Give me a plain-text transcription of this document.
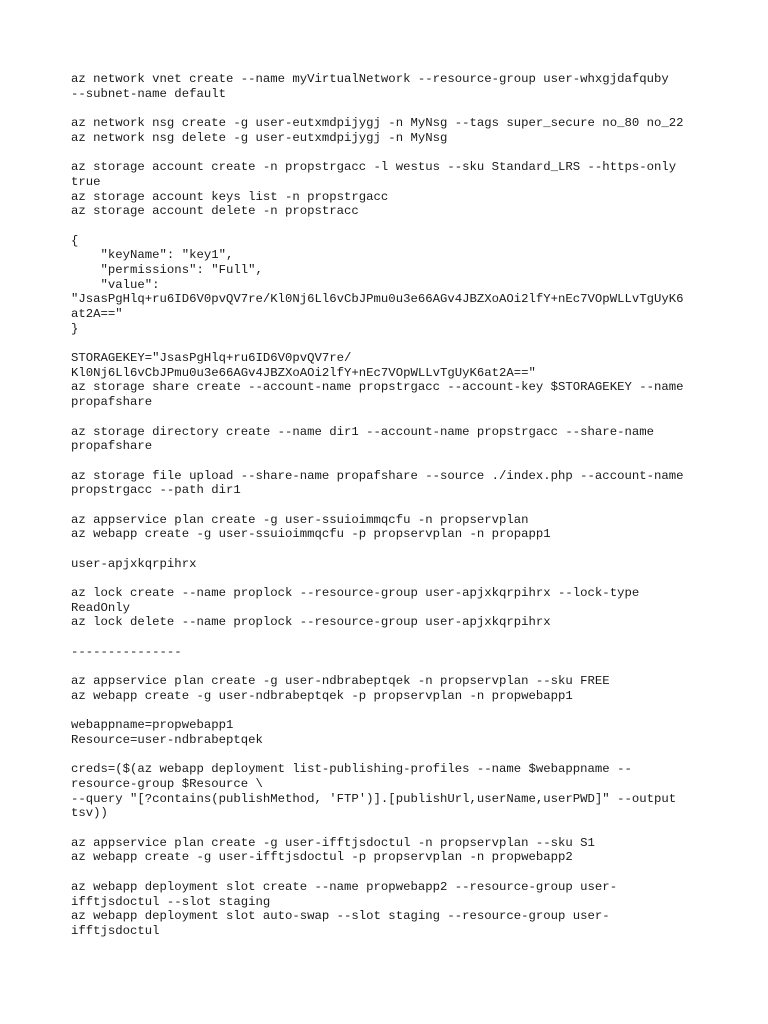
az network vnet create --name myVirtualNetwork --resource-group user-whxgjdafquby
--subnet-name default
az network nsg create -g user-eutxmdpijygj -n MyNsg --tags super_secure no_80 no_22
az network nsg delete -g user-eutxmdpijygj -n MyNsg
az storage account create -n propstrgacc -l westus --sku Standard_LRS --https-only
true
az storage account keys list -n propstrgacc
az storage account delete -n propstracc
{
"keyName": "key1",
"permissions": "Full",
"value":
"JsasPgHlq+ru6ID6V0pvQV7re/Kl0Nj6Ll6vCbJPmu0u3e66AGv4JBZXoAOi2lfY+nEc7VOpWLLvTgUyK6
at2A=="
}
STORAGEKEY="JsasPgHlq+ru6ID6V0pvQV7re/
Kl0Nj6Ll6vCbJPmu0u3e66AGv4JBZXoAOi2lfY+nEc7VOpWLLvTgUyK6at2A=="
az storage share create --account-name propstrgacc --account-key $STORAGEKEY --name
propafshare
az storage directory create --name dir1 --account-name propstrgacc --share-name
propafshare
az storage file upload --share-name propafshare --source ./index.php --account-name
propstrgacc --path dir1
az appservice plan create -g user-ssuioimmqcfu -n propservplan
az webapp create -g user-ssuioimmqcfu -p propservplan -n propapp1
user-apjxkqrpihrx
az lock create --name proplock --resource-group user-apjxkqrpihrx --lock-type
ReadOnly
az lock delete --name proplock --resource-group user-apjxkqrpihrx
---------------
az appservice plan create -g user-ndbrabeptqek -n propservplan --sku FREE
az webapp create -g user-ndbrabeptqek -p propservplan -n propwebapp1
webappname=propwebapp1
Resource=user-ndbrabeptqek
creds=($(az webapp deployment list-publishing-profiles --name $webappname --
resource-group $Resource \
--query "[?contains(publishMethod, 'FTP')].[publishUrl,userName,userPWD]" --output
tsv))
az appservice plan create -g user-ifftjsdoctul -n propservplan --sku S1
az webapp create -g user-ifftjsdoctul -p propservplan -n propwebapp2
az webapp deployment slot create --name propwebapp2 --resource-group user-
ifftjsdoctul --slot staging
az webapp deployment slot auto-swap --slot staging --resource-group user-
ifftjsdoctul
